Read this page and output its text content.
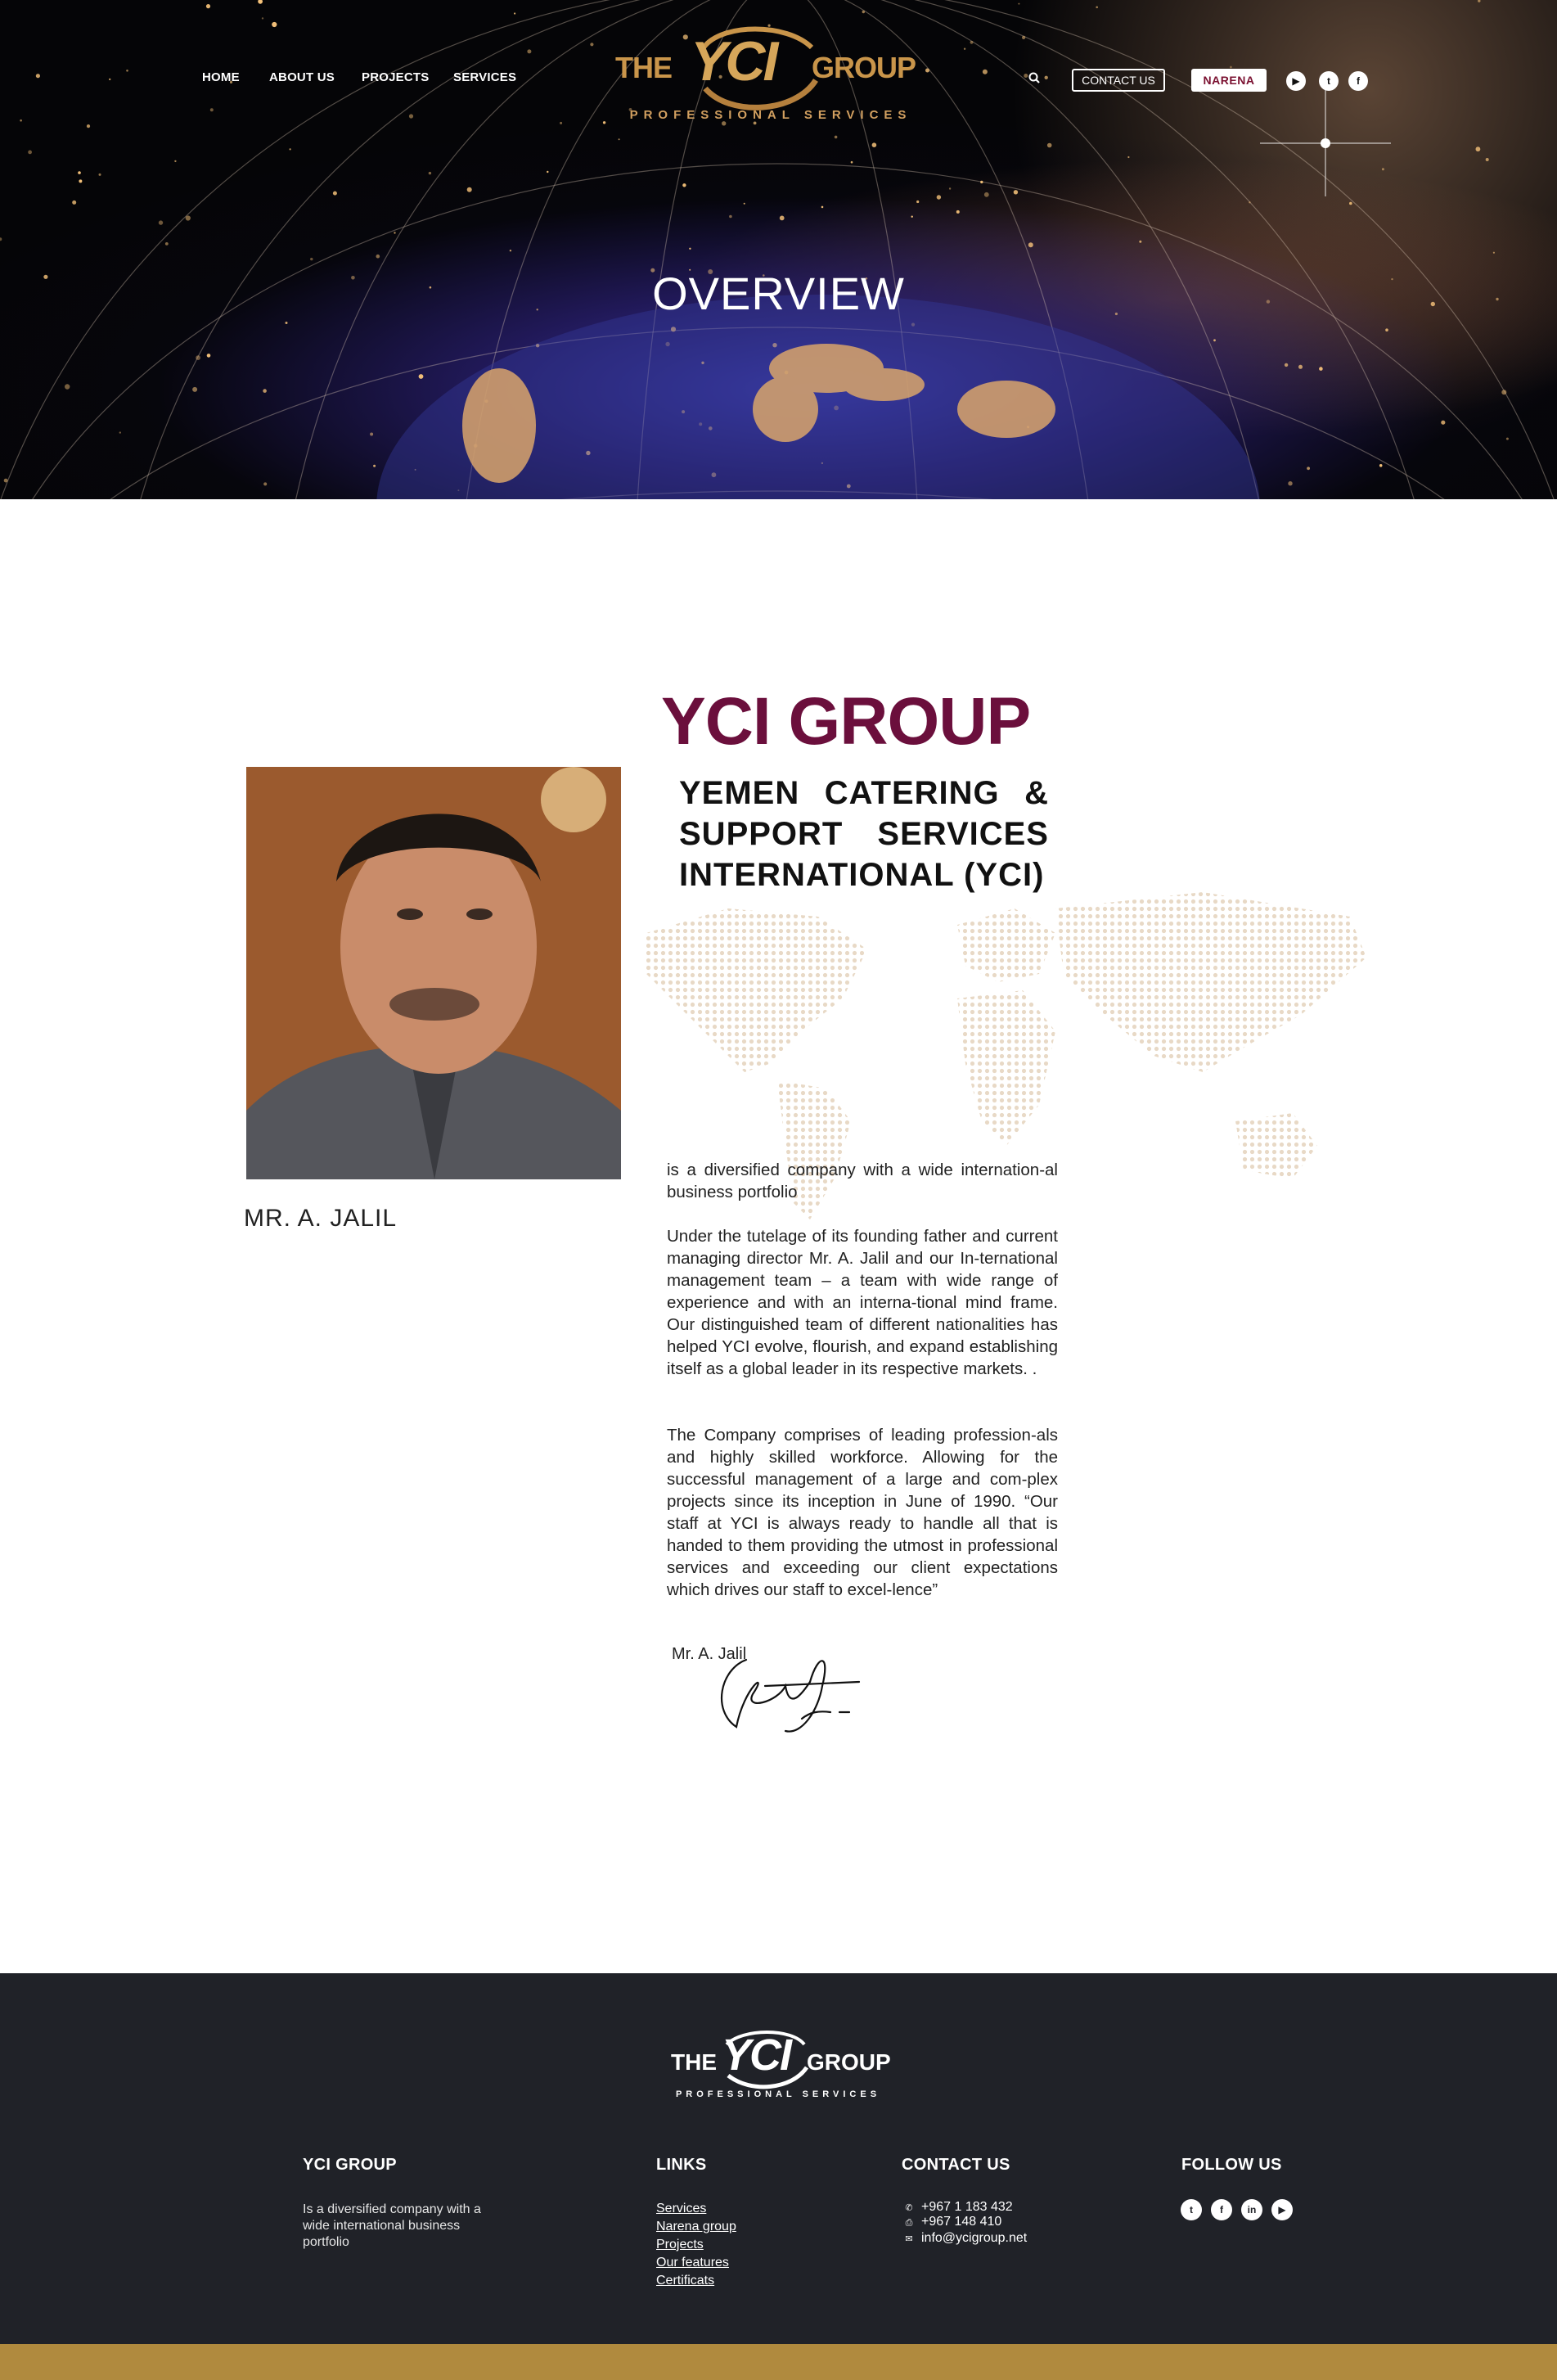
HOME ABOUT US PROJECTS SERVICES	THE YCI GROUP
PROFESSIONAL SERVICES
CONTACT US	NARENA	▶	t	f
OVERVIEW
MR. A. JALIL
YCI GROUP
YEMEN CATERING & SUPPORT SERVICES INTERNATIONAL (YCI)

is a diversified company with a wide internation-al business portfolio

Under the tutelage of its founding father and current managing director Mr. A. Jalil and our In-ternational management team – a team with wide range of experience and with an interna-tional mind frame. Our distinguished team of different nationalities has helped YCI evolve, flourish, and expand establishing itself as a global leader in its respective markets. .

The Company comprises of leading profession-als and highly skilled workforce. Allowing for the successful management of a large and com-plex projects since its inception in June of 1990. “Our staff at YCI is always ready to handle all that is handed to them providing the utmost in professional services and exceeding our client expectations which drives our staff to excel-lence”

Mr. A. Jalil
THE YCI GROUP
PROFESSIONAL SERVICES
YCI GROUP
Is a diversified company with a wide international business portfolio
LINKS
Services
Narena group
Projects
Our features
Certificats
CONTACT US
✆ +967 1 183 432
⎙ +967 148 410
✉ info@ycigroup.net
FOLLOW US
t	f	in	▶
